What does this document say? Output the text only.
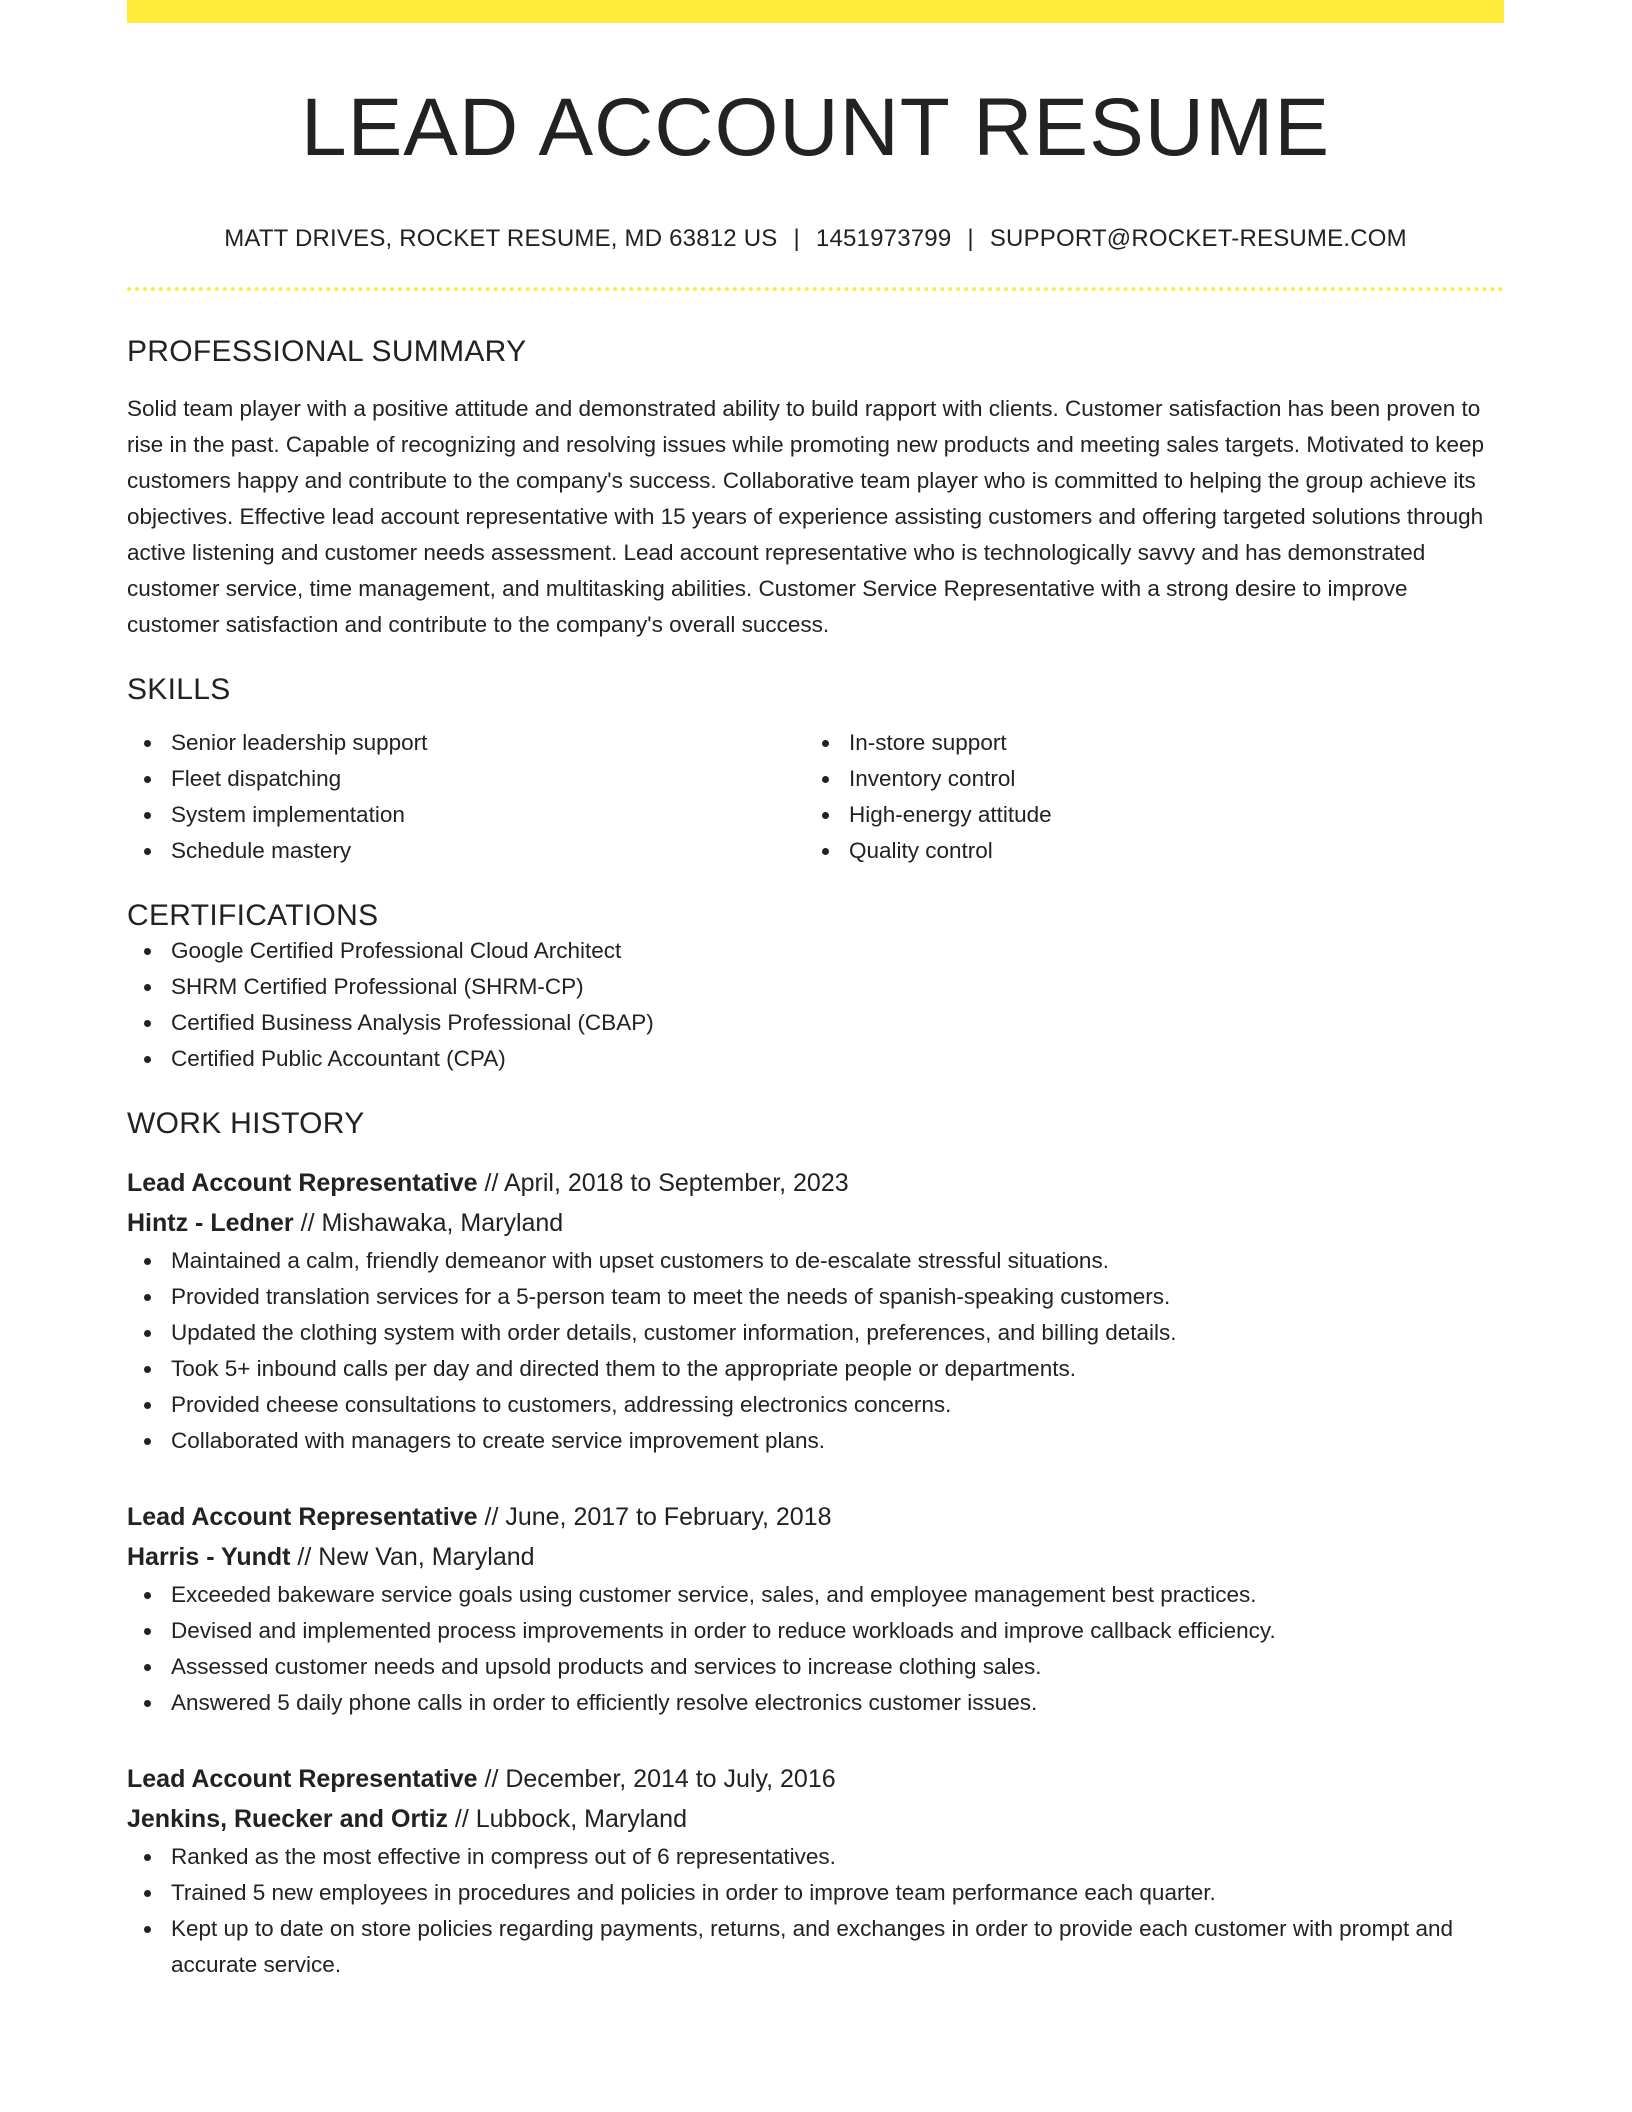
LEAD ACCOUNT RESUME
MATT DRIVES, ROCKET RESUME, MD 63812 US | 1451973799 | SUPPORT@ROCKET-RESUME.COM
PROFESSIONAL SUMMARY

Solid team player with a positive attitude and demonstrated ability to build rapport with clients. Customer satisfaction has been proven to rise in the past. Capable of recognizing and resolving issues while promoting new products and meeting sales targets. Motivated to keep customers happy and contribute to the company's success. Collaborative team player who is committed to helping the group achieve its objectives. Effective lead account representative with 15 years of experience assisting customers and offering targeted solutions through active listening and customer needs assessment. Lead account representative who is technologically savvy and has demonstrated customer service, time management, and multitasking abilities. Customer Service Representative with a strong desire to improve customer satisfaction and contribute to the company's overall success.

SKILLS
Senior leadership support
Fleet dispatching
System implementation
Schedule mastery
In-store support
Inventory control
High-energy attitude
Quality control
CERTIFICATIONS
Google Certified Professional Cloud Architect
SHRM Certified Professional (SHRM-CP)
Certified Business Analysis Professional (CBAP)
Certified Public Accountant (CPA)
WORK HISTORY
Lead Account Representative // April, 2018 to September, 2023
Hintz - Ledner // Mishawaka, Maryland
Maintained a calm, friendly demeanor with upset customers to de-escalate stressful situations.
Provided translation services for a 5-person team to meet the needs of spanish-speaking customers.
Updated the clothing system with order details, customer information, preferences, and billing details.
Took 5+ inbound calls per day and directed them to the appropriate people or departments.
Provided cheese consultations to customers, addressing electronics concerns.
Collaborated with managers to create service improvement plans.
Lead Account Representative // June, 2017 to February, 2018
Harris - Yundt // New Van, Maryland
Exceeded bakeware service goals using customer service, sales, and employee management best practices.
Devised and implemented process improvements in order to reduce workloads and improve callback efficiency.
Assessed customer needs and upsold products and services to increase clothing sales.
Answered 5 daily phone calls in order to efficiently resolve electronics customer issues.
Lead Account Representative // December, 2014 to July, 2016
Jenkins, Ruecker and Ortiz // Lubbock, Maryland
Ranked as the most effective in compress out of 6 representatives.
Trained 5 new employees in procedures and policies in order to improve team performance each quarter.
Kept up to date on store policies regarding payments, returns, and exchanges in order to provide each customer with prompt and accurate service.
